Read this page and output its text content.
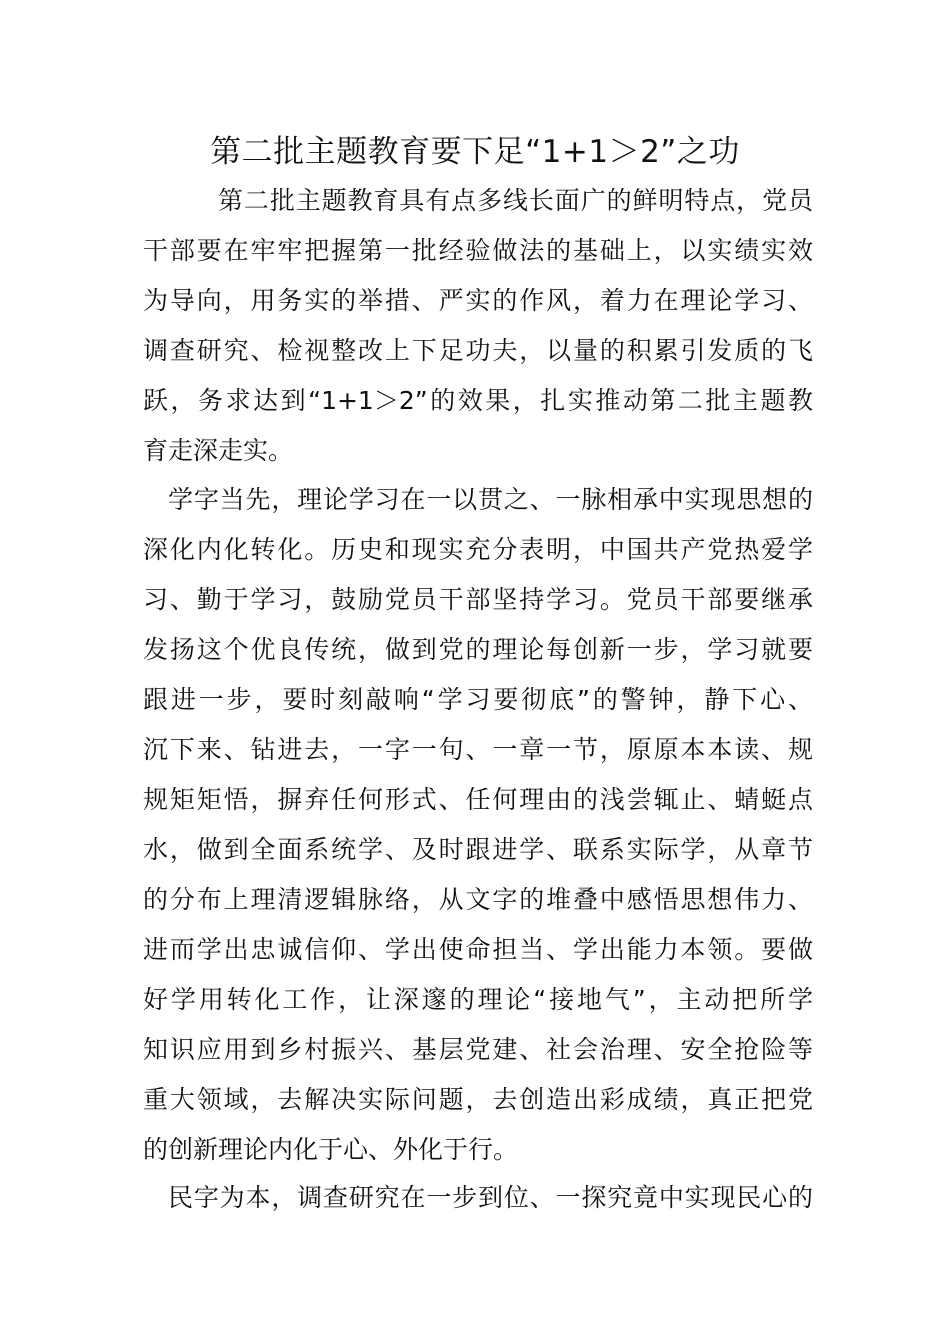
第二批主题教育要下足“1+1＞2”之功
第二批主题教育具有点多线长面广的鲜明特点，党员
干部要在牢牢把握第一批经验做法的基础上，以实绩实效
为导向，用务实的举措、严实的作风，着力在理论学习、
调查研究、检视整改上下足功夫，以量的积累引发质的飞
跃，务求达到“1+1＞2”的效果，扎实推动第二批主题教
育走深走实。
学字当先，理论学习在一以贯之、一脉相承中实现思想的
深化内化转化。历史和现实充分表明，中国共产党热爱学
习、勤于学习，鼓励党员干部坚持学习。党员干部要继承
发扬这个优良传统，做到党的理论每创新一步，学习就要
跟进一步，要时刻敲响“学习要彻底”的警钟，静下心、
沉下来、钻进去，一字一句、一章一节，原原本本读、规
规矩矩悟，摒弃任何形式、任何理由的浅尝辄止、蜻蜓点
水，做到全面系统学、及时跟进学、联系实际学，从章节
的分布上理清逻辑脉络，从文字的堆叠中感悟思想伟力、
进而学出忠诚信仰、学出使命担当、学出能力本领。要做
好学用转化工作，让深邃的理论“接地气”，主动把所学
知识应用到乡村振兴、基层党建、社会治理、安全抢险等
重大领域，去解决实际问题，去创造出彩成绩，真正把党
的创新理论内化于心、外化于行。
民字为本，调查研究在一步到位、一探究竟中实现民心的
